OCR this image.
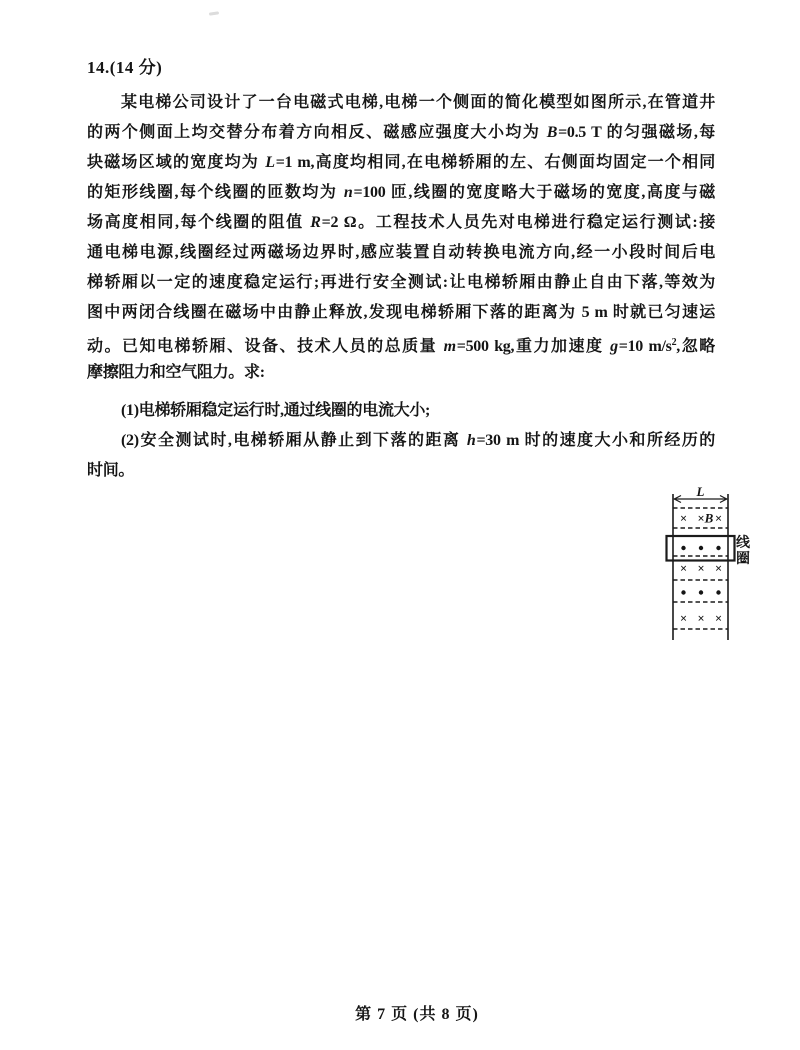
14.(14 分)
某电梯公司设计了一台电磁式电梯,电梯一个侧面的简化模型如图所示,在管道井
的两个侧面上均交替分布着方向相反、磁感应强度大小均为 B=0.5 T 的匀强磁场,每
块磁场区域的宽度均为 L=1 m,高度均相同,在电梯轿厢的左、右侧面均固定一个相同
的矩形线圈,每个线圈的匝数均为 n=100 匝,线圈的宽度略大于磁场的宽度,高度与磁
场高度相同,每个线圈的阻值 R=2 Ω。工程技术人员先对电梯进行稳定运行测试:接
通电梯电源,线圈经过两磁场边界时,感应装置自动转换电流方向,经一小段时间后电
梯轿厢以一定的速度稳定运行;再进行安全测试:让电梯轿厢由静止自由下落,等效为
图中两闭合线圈在磁场中由静止释放,发现电梯轿厢下落的距离为 5 m 时就已匀速运
动。已知电梯轿厢、设备、技术人员的总质量 m=500 kg,重力加速度 g=10 $m/s^2$,忽略
摩擦阻力和空气阻力。求:
(1)电梯轿厢稳定运行时,通过线圈的电流大小;
(2)安全测试时,电梯轿厢从静止到下落的距离 h=30 m 时的速度大小和所经历的
时间。
L
× × ×
× × ×
× × ×
B
线
圈
第 7 页 (共 8 页)
